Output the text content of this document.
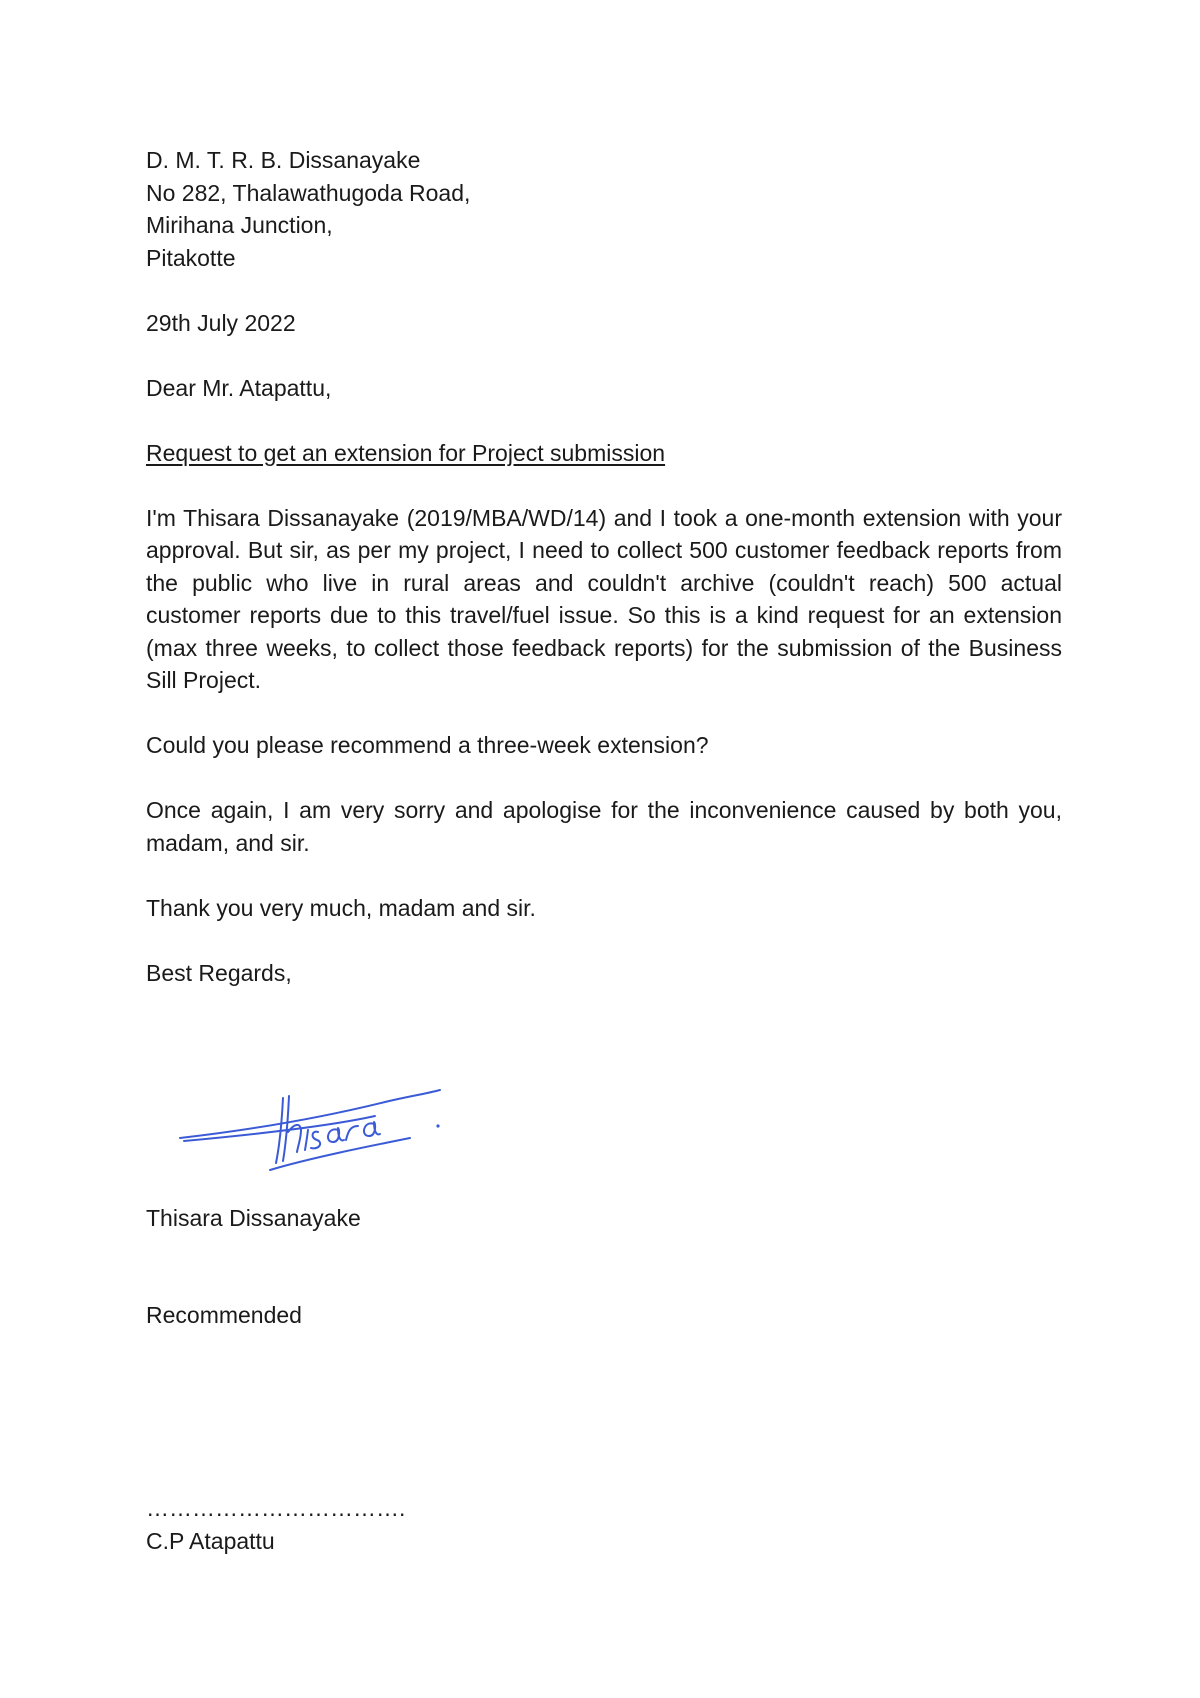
D. M. T. R. B. Dissanayake
No 282, Thalawathugoda Road,
Mirihana Junction,
Pitakotte
29th July 2022
Dear Mr. Atapattu,
Request to get an extension for Project submission

I'm Thisara Dissanayake (2019/MBA/WD/14) and I took a one-month extension with your approval. But sir, as per my project, I need to collect 500 customer feedback reports from the public who live in rural areas and couldn't archive (couldn't reach) 500 actual customer reports due to this travel/fuel issue. So this is a kind request for an extension (max three weeks, to collect those feedback reports) for the submission of the Business Sill Project.

Could you please recommend a three-week extension?

Once again, I am very sorry and apologise for the inconvenience caused by both you, madam, and sir.

Thank you very much, madam and sir.

Best Regards,
Thisara Dissanayake
Recommended
…………………………….
C.P Atapattu
